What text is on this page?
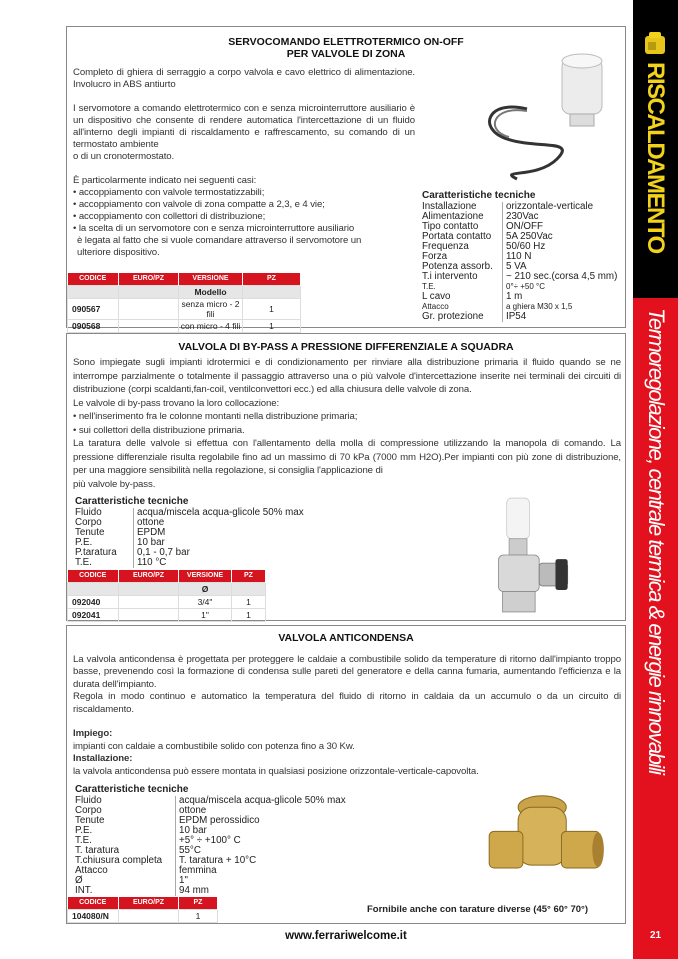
RISCALDAMENTO
Termoregolazione, centrale termica & energie rinnovabili
21
SERVOCOMANDO ELETTROTERMICO ON-OFF
PER VALVOLE DI ZONA

Completo di ghiera di serraggio a corpo valvola e cavo elettrico di alimentazione. Involucro in ABS antiurto

I servomotore a comando elettrotermico con e senza microinterruttore ausiliario è un dispositivo che consente di rendere automatica l'intercettazione di un fluido all'interno degli impianti di riscaldamento e raffrescamento, su comando di un termostato ambiente

o di un cronotermostato.

È particolarmente indicato nei seguenti casi:

• accoppiamento con valvole termostatizzabili;

• accoppiamento con valvole di zona compatte a 2,3, e 4 vie;

• accoppiamento con collettori di distribuzione;

• la scelta di un servomotore con e senza microinterruttore ausiliario

è legata al fatto che si vuole comandare attraverso il servomotore un

ulteriore dispositivo.

Caratteristiche tecniche
Installazione	orizzontale-verticale
Alimentazione	230Vac
Tipo contatto	ON/OFF
Portata contatto	5A 250Vac
Frequenza	50/60 Hz
Forza	110 N
Potenza assorb.	5 VA
T.i intervento	~ 210 sec.(corsa 4,5 mm)
T.E.	0°÷ +50 °C
L cavo	1 m
Attacco	a ghiera M30 x 1,5
Gr. protezione	IP54
CODICE	EURO/PZ	VERSIONE	PZ
		Modello	
090567		senza micro - 2 fili	1
090568		con micro - 4 fili	1
VALVOLA DI BY-PASS A PRESSIONE DIFFERENZIALE A SQUADRA

Sono impiegate sugli impianti idrotermici e di condizionamento per rinviare alla distribuzione primaria il fluido quando se ne interrompe parzialmente o totalmente il passaggio attraverso una o più valvole d'intercettazione inserite nei terminali dei circuiti di distribuzione (corpi scaldanti,fan-coil, ventilconvettori ecc.) ed alla chiusura delle valvole di zona.

Le valvole di by-pass trovano la loro collocazione:

• nell'inserimento fra le colonne montanti nella distribuzione primaria;

• sui collettori della distribuzione primaria.

La taratura delle valvole si effettua con l'allentamento della molla di compressione utilizzando la manopola di comando. La pressione differenziale risulta regolabile fino ad un massimo di 70 kPa (7000 mm H2O).Per impianti con più zone di distribuzione, per una maggiore sensibilità nella regolazione, si consiglia l'applicazione di

più valvole by-pass.

Caratteristiche tecniche
Fluido	acqua/miscela acqua-glicole 50% max
Corpo	ottone
Tenute	EPDM
P.E.	10 bar
P.taratura	0,1 - 0,7 bar
T.E.	110 °C
CODICE	EURO/PZ	VERSIONE	PZ
		Ø	
092040		3/4"	1
092041		1"	1
VALVOLA ANTICONDENSA

La valvola anticondensa è progettata per proteggere le caldaie a combustibile solido da temperature di ritorno dall'impianto troppo basse, prevenendo così la formazione di condensa sulle pareti del generatore e della canna fumaria, aumentando l'efficienza e la durata dell'impianto.

Regola in modo continuo e automatico la temperatura del fluido di ritorno in caldaia da un accumulo o da un circuito di riscaldamento.

Impiego:

impianti con caldaie a combustibile solido con potenza fino a 30 Kw.

Installazione:

la valvola anticondensa può essere montata in qualsiasi posizione orizzontale-verticale-capovolta.

Caratteristiche tecniche
Fluido	acqua/miscela acqua-glicole 50% max
Corpo	ottone
Tenute	EPDM perossidico
P.E.	10 bar
T.E.	+5° ÷ +100° C
T. taratura	55°C
T.chiusura completa	T. taratura + 10°C
Attacco	femmina
Ø	1"
INT.	94 mm
CODICE	EURO/PZ	PZ
104080/N		1
Fornibile anche con tarature diverse (45° 60° 70°)
www.ferrariwelcome.it
